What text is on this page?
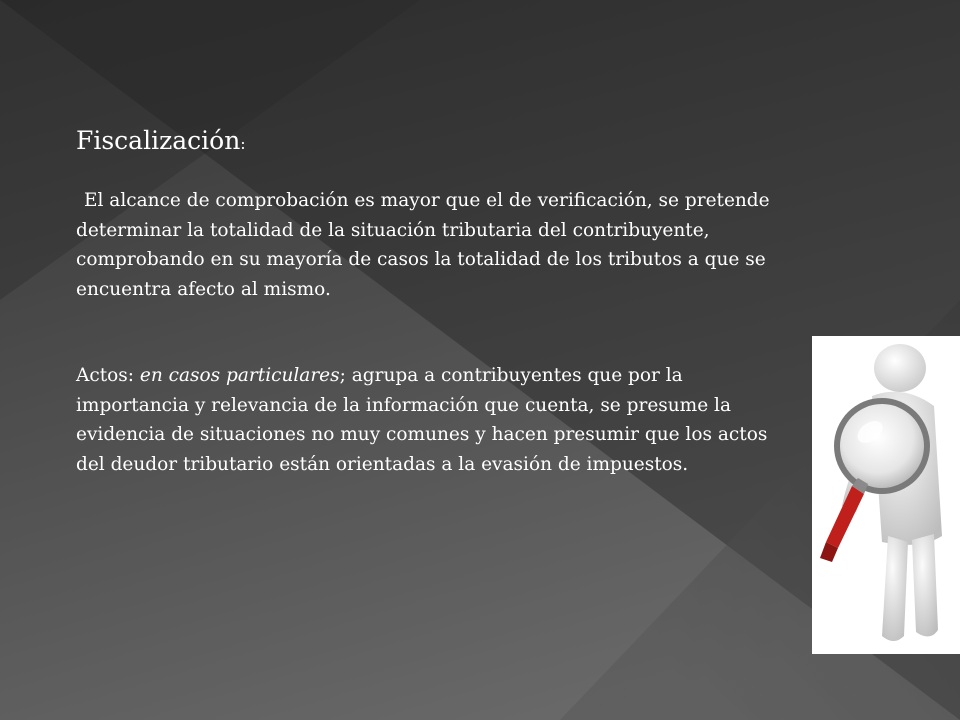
Fiscalización:
El alcance de comprobación es mayor que el de verificación, se pretende determinar la totalidad de la situación tributaria del contribuyente, comprobando en su mayoría de casos la totalidad de los tributos a que se encuentra afecto al mismo.
Actos: en casos particulares; agrupa a contribuyentes que por la importancia y relevancia de la información que cuenta, se presume la evidencia de situaciones no muy comunes y hacen presumir que los actos del deudor tributario están orientadas a la evasión de impuestos.
